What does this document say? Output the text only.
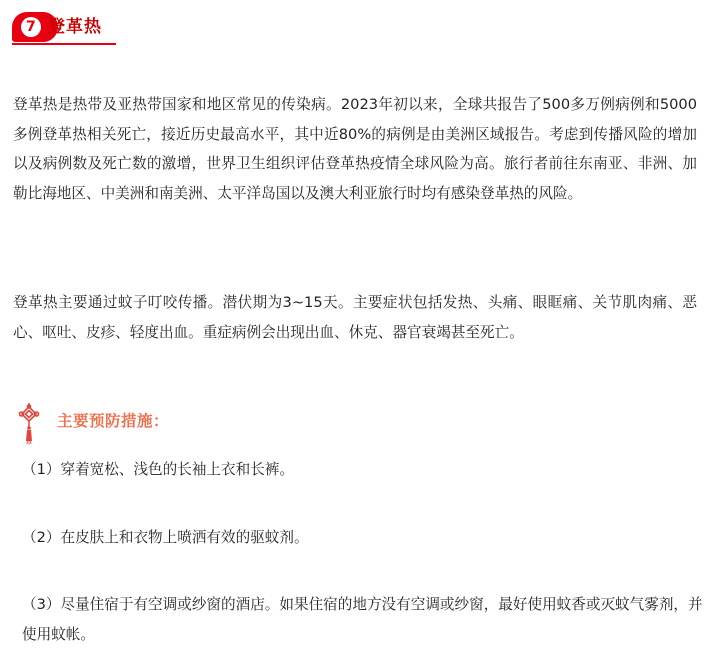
7 登革热

登革热是热带及亚热带国家和地区常见的传染病。2023年初以来，全球共报告了500多万例病例和5000多例登革热相关死亡，接近历史最高水平，其中近80%的病例是由美洲区域报告。考虑到传播风险的增加以及病例数及死亡数的激增，世界卫生组织评估登革热疫情全球风险为高。旅行者前往东南亚、非洲、加勒比海地区、中美洲和南美洲、太平洋岛国以及澳大利亚旅行时均有感染登革热的风险。

登革热主要通过蚊子叮咬传播。潜伏期为3~15天。主要症状包括发热、头痛、眼眶痛、关节肌肉痛、恶心、呕吐、皮疹、轻度出血。重症病例会出现出血、休克、器官衰竭甚至死亡。

主要预防措施：

（1）穿着宽松、浅色的长袖上衣和长裤。

（2）在皮肤上和衣物上喷洒有效的驱蚊剂。

（3）尽量住宿于有空调或纱窗的酒店。如果住宿的地方没有空调或纱窗，最好使用蚊香或灭蚊气雾剂，并使用蚊帐。
